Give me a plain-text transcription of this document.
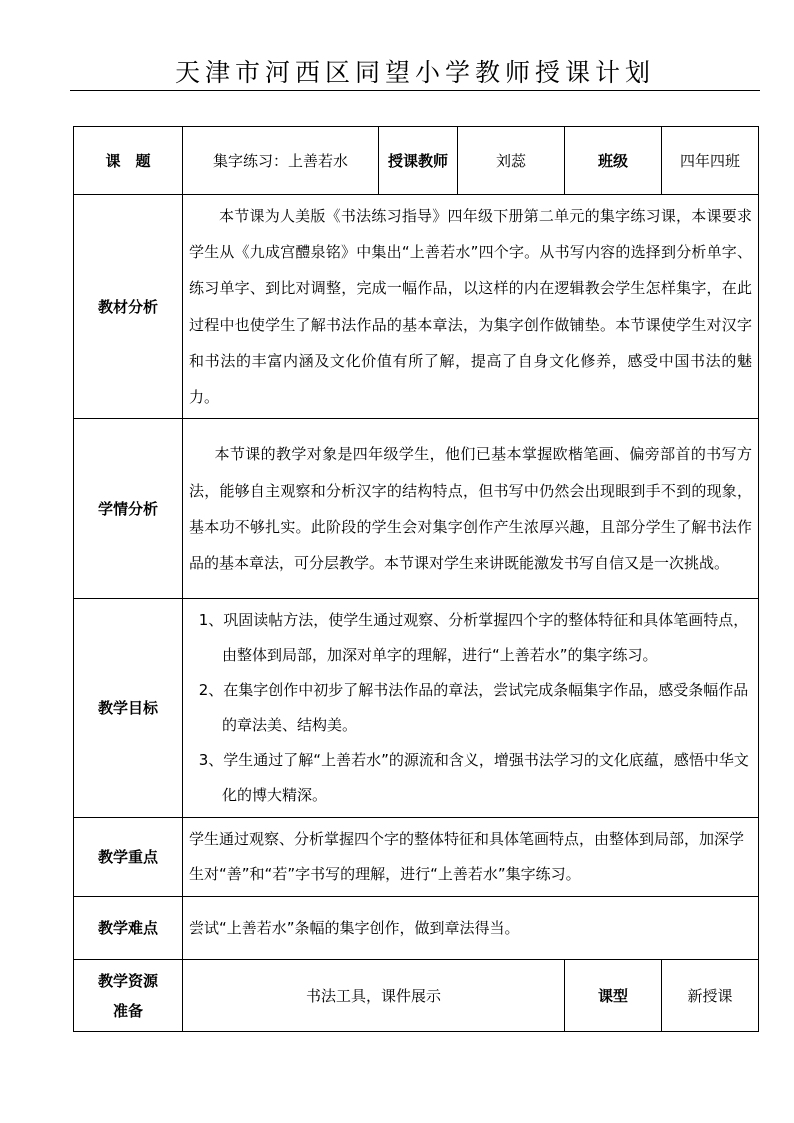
天津市河西区同望小学教师授课计划
课　题	集字练习：上善若水	授课教师	刘蕊	班级	四年四班
教材分析	本节课为人美版《书法练习指导》四年级下册第二单元的集字练习课，本课要求学生从《九成宫醴泉铭》中集出“上善若水”四个字。从书写内容的选择到分析单字、练习单字、到比对调整，完成一幅作品，以这样的内在逻辑教会学生怎样集字，在此过程中也使学生了解书法作品的基本章法，为集字创作做铺垫。本节课使学生对汉字和书法的丰富内涵及文化价值有所了解，提高了自身文化修养，感受中国书法的魅力。				
学情分析	本节课的教学对象是四年级学生，他们已基本掌握欧楷笔画、偏旁部首的书写方法，能够自主观察和分析汉字的结构特点，但书写中仍然会出现眼到手不到的现象，基本功不够扎实。此阶段的学生会对集字创作产生浓厚兴趣，且部分学生了解书法作品的基本章法，可分层教学。本节课对学生来讲既能激发书写自信又是一次挑战。				
教学目标	1、巩固读帖方法，使学生通过观察、分析掌握四个字的整体特征和具体笔画特点，由整体到局部，加深对单字的理解，进行“上善若水”的集字练习。
2、在集字创作中初步了解书法作品的章法，尝试完成条幅集字作品，感受条幅作品的章法美、结构美。
3、学生通过了解“上善若水”的源流和含义，增强书法学习的文化底蕴，感悟中华文化的博大精深。				

教学重点	学生通过观察、分析掌握四个字的整体特征和具体笔画特点，由整体到局部，加深学生对“善”和“若”字书写的理解，进行“上善若水”集字练习。				
教学难点	尝试“上善若水”条幅的集字创作，做到章法得当。				

教学资源
准备	书法工具，课件展示			课型	新授课
